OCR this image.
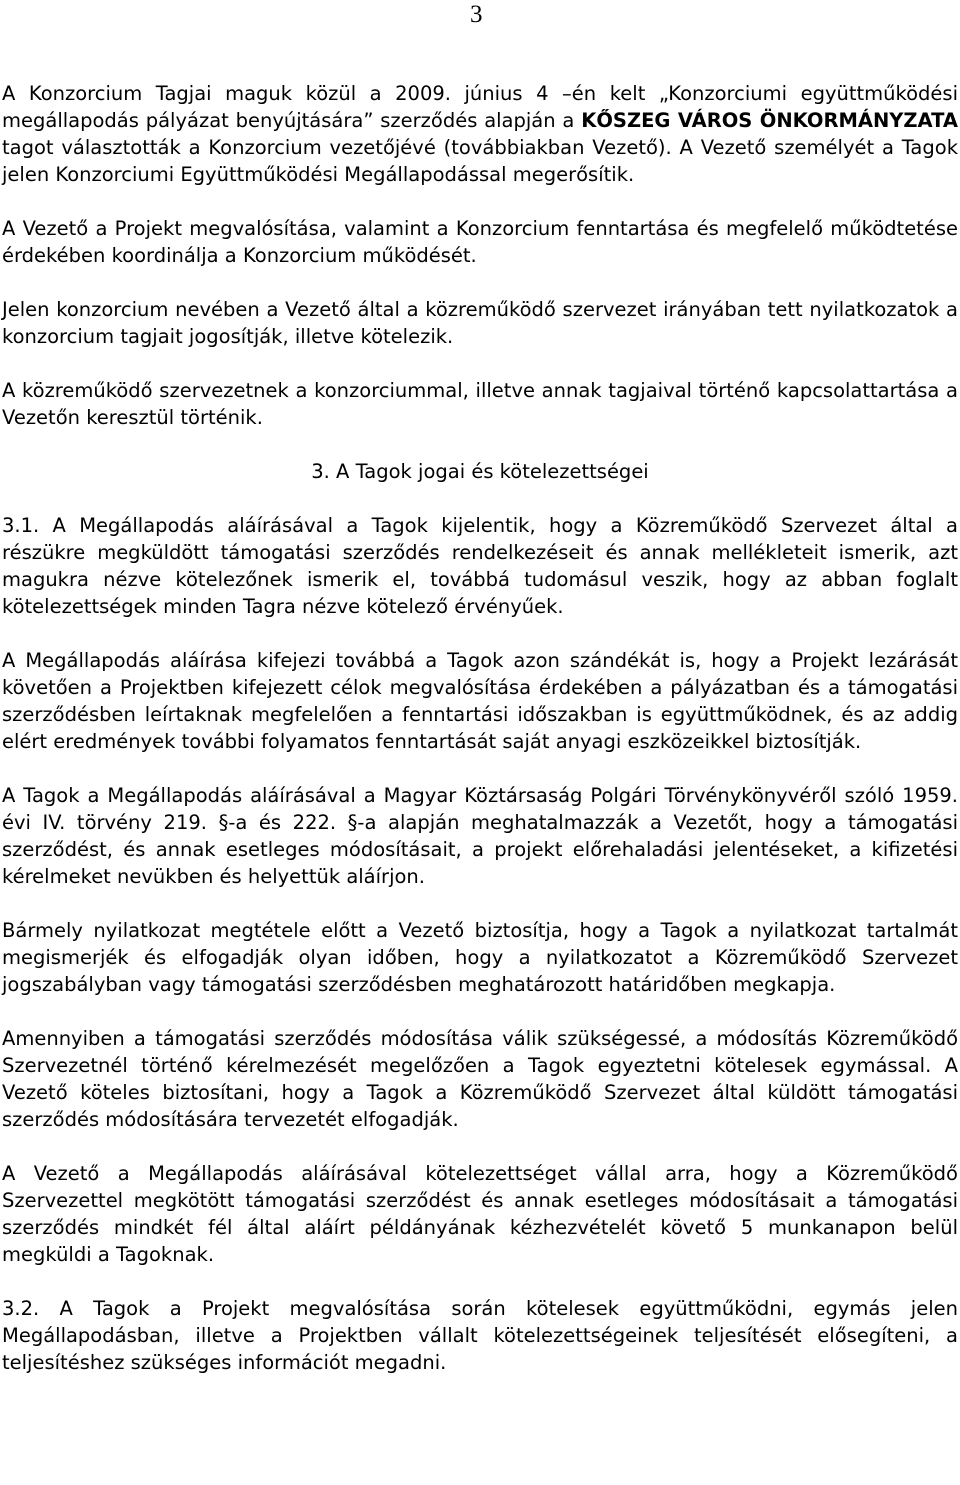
3

A Konzorcium Tagjai maguk közül a 2009. június 4 –én kelt „Konzorciumi együttműködési megállapodás pályázat benyújtására” szerződés alapján a KŐSZEG VÁROS ÖNKORMÁNYZATA tagot választották a Konzorcium vezetőjévé (továbbiakban Vezető). A Vezető személyét a Tagok jelen Konzorciumi Együttműködési Megállapodással megerősítik.

A Vezető a Projekt megvalósítása, valamint a Konzorcium fenntartása és megfelelő működtetése érdekében koordinálja a Konzorcium működését.

Jelen konzorcium nevében a Vezető által a közreműködő szervezet irányában tett nyilatkozatok a konzorcium tagjait jogosítják, illetve kötelezik.

A közreműködő szervezetnek a konzorciummal, illetve annak tagjaival történő kapcsolattartása a Vezetőn keresztül történik.

3. A Tagok jogai és kötelezettségei

3.1. A Megállapodás aláírásával a Tagok kijelentik, hogy a Közreműködő Szervezet által a részükre megküldött támogatási szerződés rendelkezéseit és annak mellékleteit ismerik, azt magukra nézve kötelezőnek ismerik el, továbbá tudomásul veszik, hogy az abban foglalt kötelezettségek minden Tagra nézve kötelező érvényűek.

A Megállapodás aláírása kifejezi továbbá a Tagok azon szándékát is, hogy a Projekt lezárását követően a Projektben kifejezett célok megvalósítása érdekében a pályázatban és a támogatási szerződésben leírtaknak megfelelően a fenntartási időszakban is együttműködnek, és az addig elért eredmények további folyamatos fenntartását saját anyagi eszközeikkel biztosítják.

A Tagok a Megállapodás aláírásával a Magyar Köztársaság Polgári Törvénykönyvéről szóló 1959. évi IV. törvény 219. §-a és 222. §-a alapján meghatalmazzák a Vezetőt, hogy a támogatási szerződést, és annak esetleges módosításait, a projekt előrehaladási jelentéseket, a kifizetési kérelmeket nevükben és helyettük aláírjon.

Bármely nyilatkozat megtétele előtt a Vezető biztosítja, hogy a Tagok a nyilatkozat tartalmát megismerjék és elfogadják olyan időben, hogy a nyilatkozatot a Közreműködő Szervezet jogszabályban vagy támogatási szerződésben meghatározott határidőben megkapja.

Amennyiben a támogatási szerződés módosítása válik szükségessé, a módosítás Közreműködő Szervezetnél történő kérelmezését megelőzően a Tagok egyeztetni kötelesek egymással. A Vezető köteles biztosítani, hogy a Tagok a Közreműködő Szervezet által küldött támogatási szerződés módosítására tervezetét elfogadják.

A Vezető a Megállapodás aláírásával kötelezettséget vállal arra, hogy a Közreműködő Szervezettel megkötött támogatási szerződést és annak esetleges módosításait a támogatási szerződés mindkét fél által aláírt példányának kézhezvételét követő 5 munkanapon belül megküldi a Tagoknak.

3.2. A Tagok a Projekt megvalósítása során kötelesek együttműködni, egymás jelen Megállapodásban, illetve a Projektben vállalt kötelezettségeinek teljesítését elősegíteni, a teljesítéshez szükséges információt megadni.
